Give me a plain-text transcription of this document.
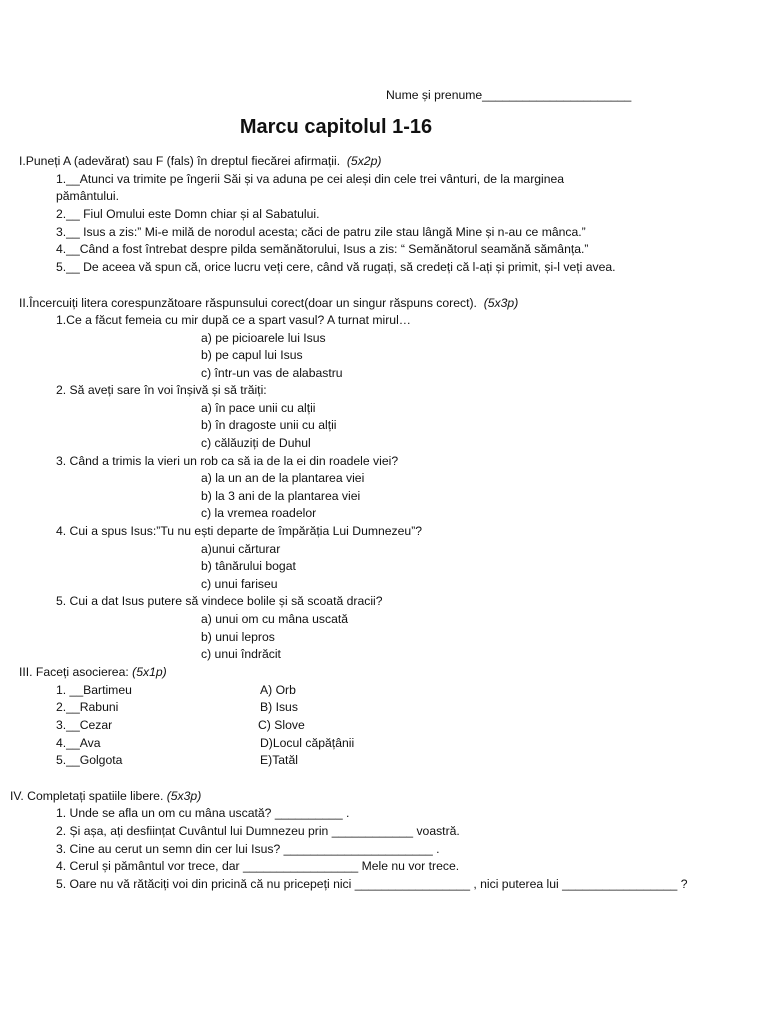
Nume și prenume______________________
Marcu capitolul 1-16
I.Puneți A (adevărat) sau F (fals) în dreptul fiecărei afirmații. (5x2p)
1.__Atunci va trimite pe îngerii Săi și va aduna pe cei aleși din cele trei vânturi, de la marginea
pământului.
2.__ Fiul Omului este Domn chiar și al Sabatului.
3.__ Isus a zis:” Mi-e milă de norodul acesta; căci de patru zile stau lângă Mine și n-au ce mânca.”
4.__Când a fost întrebat despre pilda semănătorului, Isus a zis: “ Semănătorul seamănă sămânța.”
5.__ De aceea vă spun că, orice lucru veți cere, când vă rugați, să credeți că l-ați și primit, și-l veți avea.
II.Încercuiți litera corespunzătoare răspunsului corect(doar un singur răspuns corect). (5x3p)
1.Ce a făcut femeia cu mir după ce a spart vasul? A turnat mirul…
a) pe picioarele lui Isus
b) pe capul lui Isus
c) într-un vas de alabastru
2. Să aveți sare în voi înșivă și să trăiți:
a) în pace unii cu alții
b) în dragoste unii cu alții
c) călăuziți de Duhul
3. Când a trimis la vieri un rob ca să ia de la ei din roadele viei?
a) la un an de la plantarea viei
b) la 3 ani de la plantarea viei
c) la vremea roadelor
4. Cui a spus Isus:”Tu nu ești departe de împărăția Lui Dumnezeu”?
a)unui cărturar
b) tânărului bogat
c) unui fariseu
5. Cui a dat Isus putere să vindece bolile și să scoată dracii?
a) unui om cu mâna uscată
b) unui lepros
c) unui îndrăcit
III. Faceți asocierea: (5x1p)
1. __Bartimeu
2.__Rabuni
3.__Cezar
4.__Ava
5.__Golgota
A) Orb
B) Isus
C) Slove
D)Locul căpățânii
E)Tatăl
IV. Completați spatiile libere. (5x3p)
1. Unde se afla un om cu mâna uscată? __________ .
2. Și așa, ați desființat Cuvântul lui Dumnezeu prin ____________ voastră.
3. Cine au cerut un semn din cer lui Isus? ______________________ .
4. Cerul și pământul vor trece, dar _________________ Mele nu vor trece.
5. Oare nu vă rătăciți voi din pricină că nu pricepeți nici _________________ , nici puterea lui _________________ ?
